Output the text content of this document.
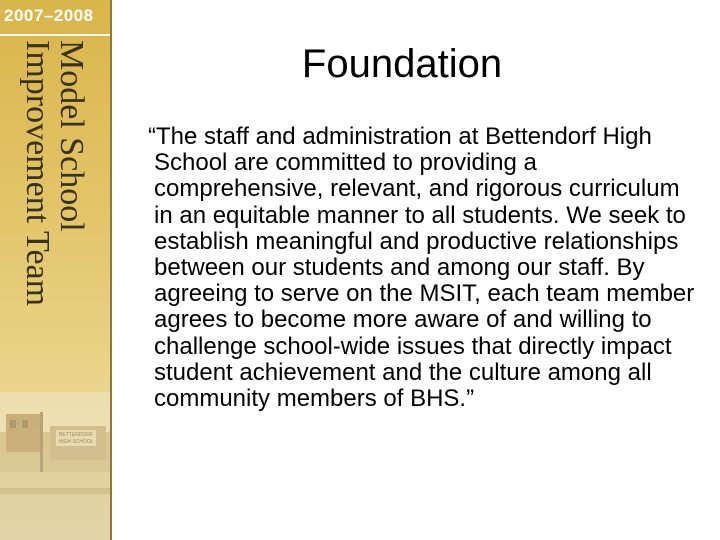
2007–2008
Model School
Improvement Team
BETTENDORF
HIGH SCHOOL
Foundation
“The staff and administration at Bettendorf High School are committed to providing a comprehensive, relevant, and rigorous curriculum in an equitable manner to all students. We seek to establish meaningful and productive relationships between our students and among our staff. By agreeing to serve on the MSIT, each team member agrees to become more aware of and willing to challenge school-wide issues that directly impact student achievement and the culture among all community members of BHS.”
